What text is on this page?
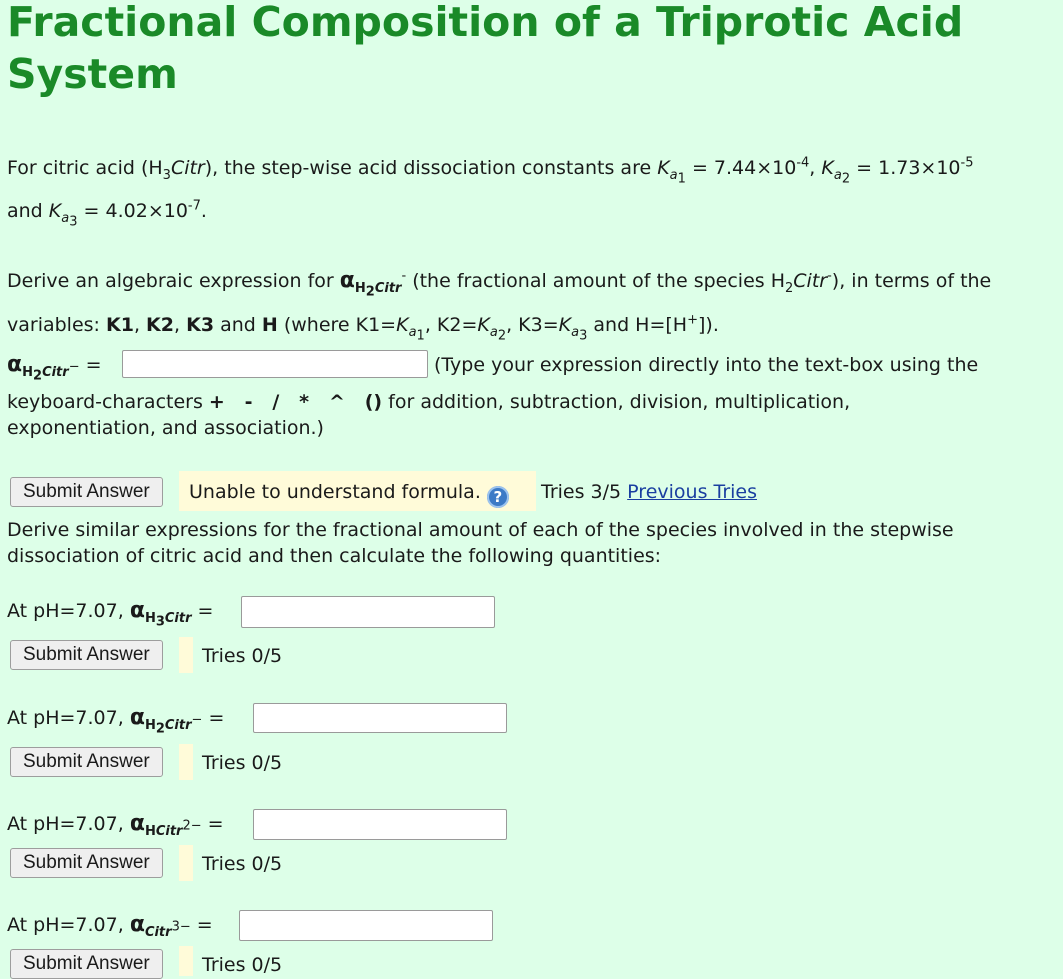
Fractional Composition of a Triprotic Acid System
For citric acid $(H_3Citr)$, the step-wise acid dissociation constants are $K_{a_1} = 7.44\times 10^{-4}$, $K_{a_2} = 1.73\times 10^{-5}$
and $K_{a_3} = 4.02\times 10^{-7}$.
Derive an algebraic expression for $\alpha_{H_2Citr}^-$ (the fractional amount of the species $H_2Citr^-$), in terms of the
variables: K1, K2, K3 and H (where $K1=K_{a_1}$, $K2=K_{a_2}$, $K3=K_{a_3}$ and H=[H+]).
$\alpha_{H_2Citr^-}$ =	(Type your expression directly into the text-box using the
keyboard-characters +   -   /   *   ^   () for addition, subtraction, division, multiplication,
exponentiation, and association.)
Submit Answer	Unable to understand formula. ?	Tries 3/5 Previous Tries
Derive similar expressions for the fractional amount of each of the species involved in the stepwise
dissociation of citric acid and then calculate the following quantities:
At pH=7.07, $\alpha_{H_3Citr}$ =
Submit Answer	Tries 0/5
At pH=7.07, $\alpha_{H_2Citr^-}$ =
Submit Answer	Tries 0/5
At pH=7.07, $\alpha_{HCitr^{2-}}$ =
Submit Answer	Tries 0/5
At pH=7.07, $\alpha_{Citr^{3-}}$ =
Submit Answer	Tries 0/5
